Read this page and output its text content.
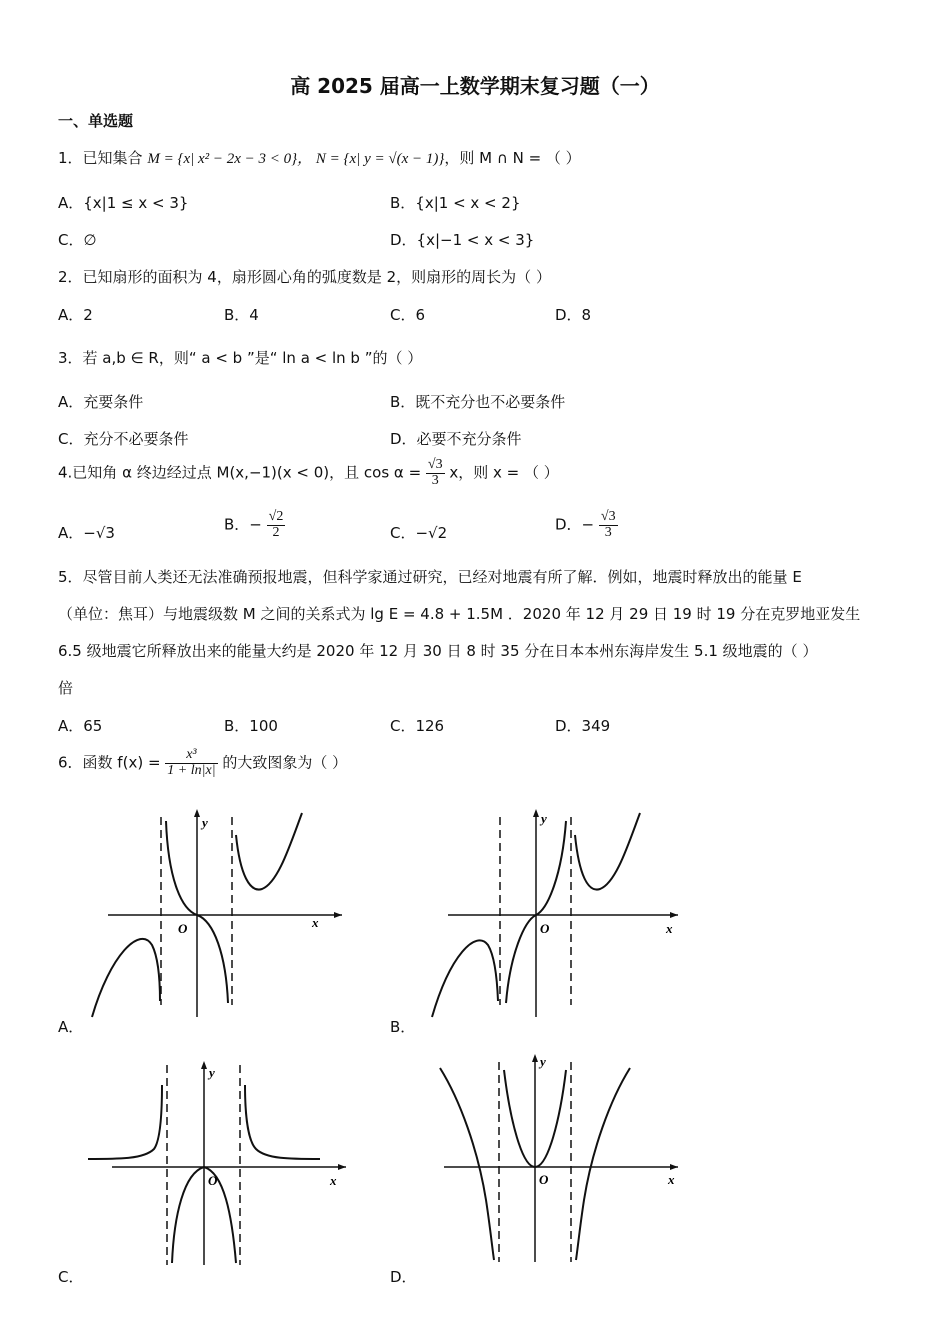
高 2025 届高一上数学期末复习题（一）
一、单选题
1．已知集合 M = {x| x² − 2x − 3 < 0}， N = {x| y = √(x − 1)}，则 M ∩ N = （ ）
A．{x|1 ≤ x < 3}	B．{x|1 < x < 2}
C．∅	D．{x|−1 < x < 3}
2．已知扇形的面积为 4，扇形圆心角的弧度数是 2，则扇形的周长为（ ）
A．2	B．4	C．6	D．8
3．若 a,b ∈ R，则“ a < b ”是“ ln a < ln b ”的（ ）
A．充要条件	B．既不充分也不必要条件
C．充分不必要条件	D．必要不充分条件
4.已知角 α 终边经过点 M(x,−1)(x < 0)，且 $\cos \alpha = \frac{√3}{3}$ x，则 x = （ ）
A．−√3	B．− $\frac{√2}{2}$	C．−√2	D．− $\frac{√3}{3}$
5．尽管目前人类还无法准确预报地震，但科学家通过研究，已经对地震有所了解．例如，地震时释放出的能量 E
（单位：焦耳）与地震级数 M 之间的关系式为 lg E = 4.8 + 1.5M ．2020 年 12 月 29 日 19 时 19 分在克罗地亚发生
6.5 级地震它所释放出来的能量大约是 2020 年 12 月 30 日 8 时 35 分在日本本州东海岸发生 5.1 级地震的（ ）
倍
A．65	B．100	C．126	D．349
6．函数 $f(x) = \frac{\text{x³}}{1 + \ln|x|}$ 的大致图象为（ ）
y
x
O
A．
y
x
O
B．
y
x
O
C．
y
x
O
D．
